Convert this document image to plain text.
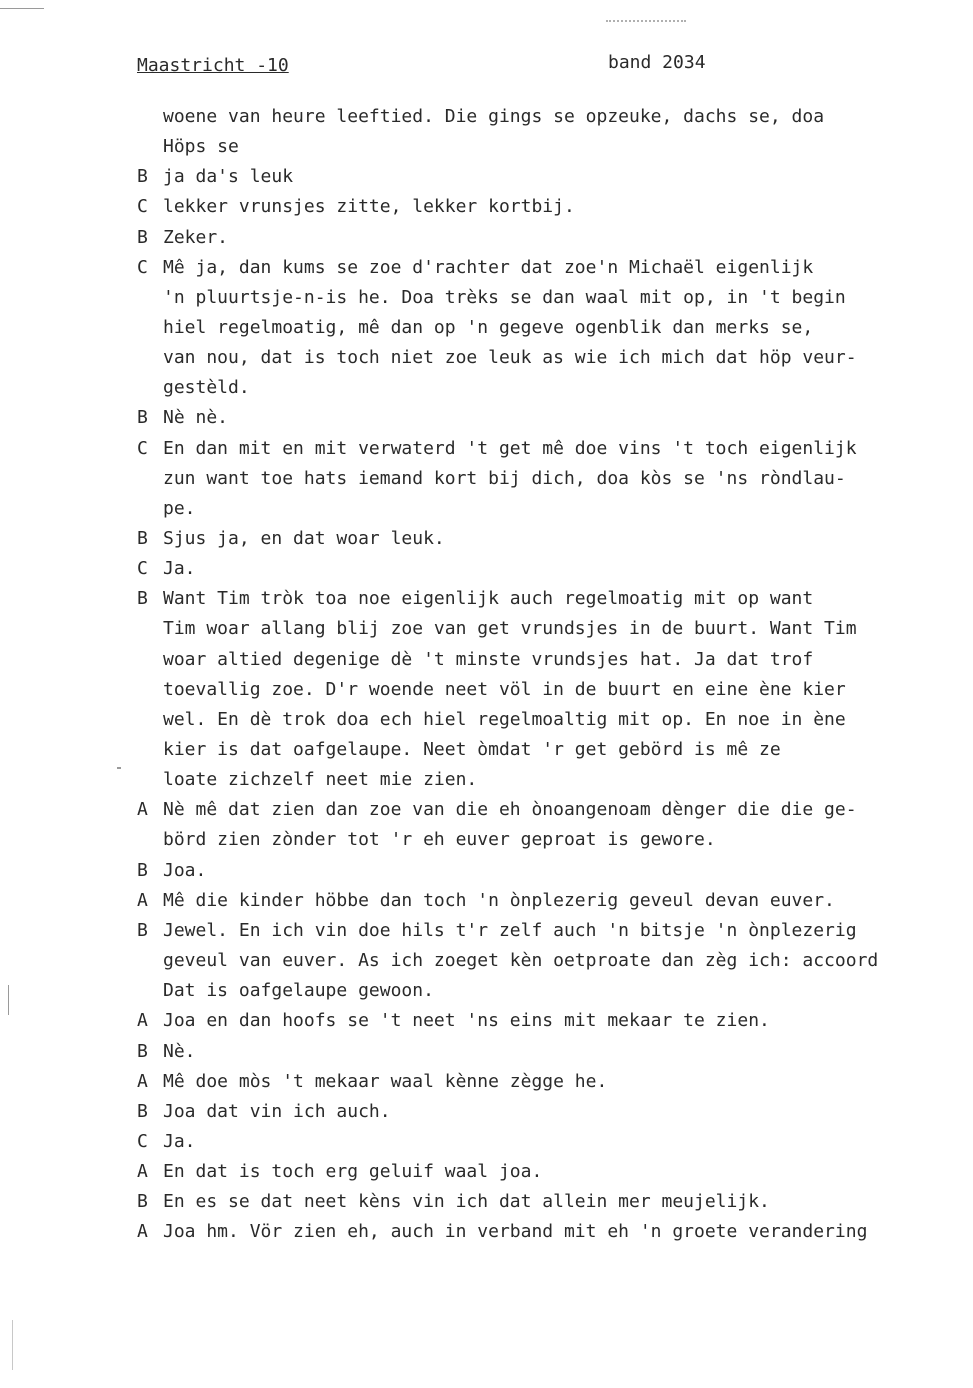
Maastricht -10	band 2034
woene van heure leeftied. Die gings se opzeuke, dachs se, doa
Höps se
B ja da's leuk
C lekker vrunsjes zitte, lekker kortbij.
B Zeker.
C Mê ja, dan kums se zoe d'rachter dat zoe'n Michaël eigenlijk
'n pluurtsje-n-is he. Doa trèks se dan waal mit op, in 't begin
hiel regelmoatig, mê dan op 'n gegeve ogenblik dan merks se,
van nou, dat is toch niet zoe leuk as wie ich mich dat höp veur-
gestèld.
B Nè nè.
C En dan mit en mit verwaterd 't get mê doe vins 't toch eigenlijk
zun want toe hats iemand kort bij dich, doa kòs se 'ns ròndlau-
pe.
B Sjus ja, en dat woar leuk.
C Ja.
B Want Tim tròk toa noe eigenlijk auch regelmoatig mit op want
Tim woar allang blij zoe van get vrundsjes in de buurt. Want Tim
woar altied degenige dè 't minste vrundsjes hat. Ja dat trof
toevallig zoe. D'r woende neet völ in de buurt en eine ène kier
wel. En dè trok doa ech hiel regelmoaltig mit op. En noe in ène
kier is dat oafgelaupe. Neet òmdat 'r get gebörd is mê ze
loate zichzelf neet mie zien.
A Nè mê dat zien dan zoe van die eh ònoangenoam dènger die die ge-
börd zien zònder tot 'r eh euver geproat is gewore.
B Joa.
A Mê die kinder höbbe dan toch 'n ònplezerig geveul devan euver.
B Jewel. En ich vin doe hils t'r zelf auch 'n bitsje 'n ònplezerig
geveul van euver. As ich zoeget kèn oetproate dan zèg ich: accoord
Dat is oafgelaupe gewoon.
A Joa en dan hoofs se 't neet 'ns eins mit mekaar te zien.
B Nè.
A Mê doe mòs 't mekaar waal kènne zègge he.
B Joa dat vin ich auch.
C Ja.
A En dat is toch erg geluif waal joa.
B En es se dat neet kèns vin ich dat allein mer meujelijk.
A Joa hm. Vör zien eh, auch in verband mit eh 'n groete verandering
